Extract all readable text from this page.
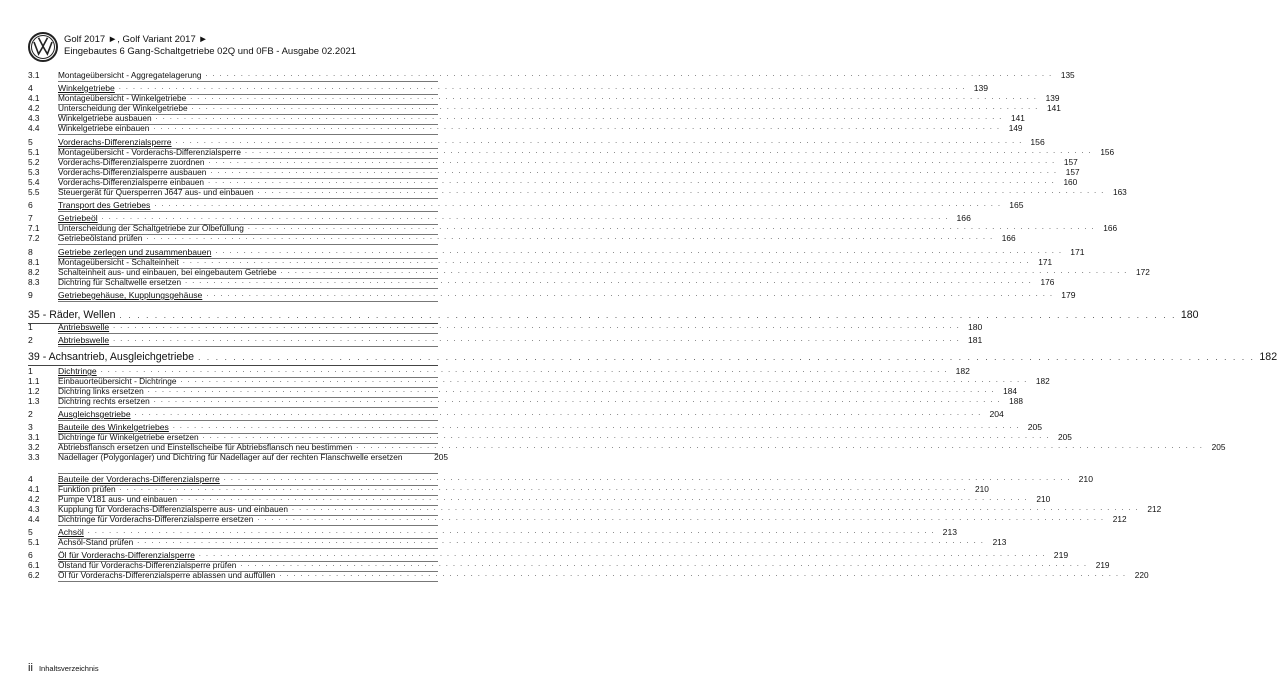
Golf 2017 ►, Golf Variant 2017 ►
Eingebautes 6 Gang-Schaltgetriebe 02Q und 0FB - Ausgabe 02.2021
3.1	Montageübersicht - Aggregatelagerung . . . . . . . . . . . . . . . . . . . . . . . . . . . . . . . . . . . . . . . . . . . . . . . . . . . . . . . . . . . . . . . . . . . . . . . . . . . . . . . . . . . . . . . . . . . . . . . . . . . . . . . . . . . . . . . . . . . . . . . . 135
4	Winkelgetriebe . . . . . . . . . . . . . . . . . . . . . . . . . . . . . . . . . . . . . . . . . . . . . . . . . . . . . . . . . . . . . . . . . . . . . . . . . . . . . . . . . . . . . . . . . . . . . . . . . . . . . . . . . . . . . . . . . . . . . . . . 139
4.1	Montageübersicht - Winkelgetriebe . . . . . . . . . . . . . . . . . . . . . . . . . . . . . . . . . . . . . . . . . . . . . . . . . . . . . . . . . . . . . . . . . . . . . . . . . . . . . . . . . . . . . . . . . . . . . . . . . . . . . . . . . . . . . . . . . . . . . . . . 139
4.2	Unterscheidung der Winkelgetriebe . . . . . . . . . . . . . . . . . . . . . . . . . . . . . . . . . . . . . . . . . . . . . . . . . . . . . . . . . . . . . . . . . . . . . . . . . . . . . . . . . . . . . . . . . . . . . . . . . . . . . . . . . . . . . . . . . . . . . . . . 141
4.3	Winkelgetriebe ausbauen . . . . . . . . . . . . . . . . . . . . . . . . . . . . . . . . . . . . . . . . . . . . . . . . . . . . . . . . . . . . . . . . . . . . . . . . . . . . . . . . . . . . . . . . . . . . . . . . . . . . . . . . . . . . . . . . . . . . . . . . 141
4.4	Winkelgetriebe einbauen . . . . . . . . . . . . . . . . . . . . . . . . . . . . . . . . . . . . . . . . . . . . . . . . . . . . . . . . . . . . . . . . . . . . . . . . . . . . . . . . . . . . . . . . . . . . . . . . . . . . . . . . . . . . . . . . . . . . . . . . 149
5	Vorderachs-Differenzialsperre . . . . . . . . . . . . . . . . . . . . . . . . . . . . . . . . . . . . . . . . . . . . . . . . . . . . . . . . . . . . . . . . . . . . . . . . . . . . . . . . . . . . . . . . . . . . . . . . . . . . . . . . . . . . . . . . . . . . . . . . 156
5.1	Montageübersicht - Vorderachs-Differenzialsperre . . . . . . . . . . . . . . . . . . . . . . . . . . . . . . . . . . . . . . . . . . . . . . . . . . . . . . . . . . . . . . . . . . . . . . . . . . . . . . . . . . . . . . . . . . . . . . . . . . . . . . . . . . . . . . . . . . . . . . . . 156
5.2	Vorderachs-Differenzialsperre zuordnen . . . . . . . . . . . . . . . . . . . . . . . . . . . . . . . . . . . . . . . . . . . . . . . . . . . . . . . . . . . . . . . . . . . . . . . . . . . . . . . . . . . . . . . . . . . . . . . . . . . . . . . . . . . . . . . . . . . . . . . . 157
5.3	Vorderachs-Differenzialsperre ausbauen . . . . . . . . . . . . . . . . . . . . . . . . . . . . . . . . . . . . . . . . . . . . . . . . . . . . . . . . . . . . . . . . . . . . . . . . . . . . . . . . . . . . . . . . . . . . . . . . . . . . . . . . . . . . . . . . . . . . . . . . 157
5.4	Vorderachs-Differenzialsperre einbauen . . . . . . . . . . . . . . . . . . . . . . . . . . . . . . . . . . . . . . . . . . . . . . . . . . . . . . . . . . . . . . . . . . . . . . . . . . . . . . . . . . . . . . . . . . . . . . . . . . . . . . . . . . . . . . . . . . . . . . . . 160
5.5	Steuergerät für Quersperren J647 aus- und einbauen . . . . . . . . . . . . . . . . . . . . . . . . . . . . . . . . . . . . . . . . . . . . . . . . . . . . . . . . . . . . . . . . . . . . . . . . . . . . . . . . . . . . . . . . . . . . . . . . . . . . . . . . . . . . . . . . . . . . . . . . 163
6	Transport des Getriebes . . . . . . . . . . . . . . . . . . . . . . . . . . . . . . . . . . . . . . . . . . . . . . . . . . . . . . . . . . . . . . . . . . . . . . . . . . . . . . . . . . . . . . . . . . . . . . . . . . . . . . . . . . . . . . . . . . . . . . . . 165
7	Getriebeöl . . . . . . . . . . . . . . . . . . . . . . . . . . . . . . . . . . . . . . . . . . . . . . . . . . . . . . . . . . . . . . . . . . . . . . . . . . . . . . . . . . . . . . . . . . . . . . . . . . . . . . . . . . . . . . . . . . . . . . . . 166
7.1	Unterscheidung der Schaltgetriebe zur Ölbefüllung . . . . . . . . . . . . . . . . . . . . . . . . . . . . . . . . . . . . . . . . . . . . . . . . . . . . . . . . . . . . . . . . . . . . . . . . . . . . . . . . . . . . . . . . . . . . . . . . . . . . . . . . . . . . . . . . . . . . . . . . 166
7.2	Getriebeölstand prüfen . . . . . . . . . . . . . . . . . . . . . . . . . . . . . . . . . . . . . . . . . . . . . . . . . . . . . . . . . . . . . . . . . . . . . . . . . . . . . . . . . . . . . . . . . . . . . . . . . . . . . . . . . . . . . . . . . . . . . . . . 166
8	Getriebe zerlegen und zusammenbauen . . . . . . . . . . . . . . . . . . . . . . . . . . . . . . . . . . . . . . . . . . . . . . . . . . . . . . . . . . . . . . . . . . . . . . . . . . . . . . . . . . . . . . . . . . . . . . . . . . . . . . . . . . . . . . . . . . . . . . . . 171
8.1	Montageübersicht - Schalteinheit . . . . . . . . . . . . . . . . . . . . . . . . . . . . . . . . . . . . . . . . . . . . . . . . . . . . . . . . . . . . . . . . . . . . . . . . . . . . . . . . . . . . . . . . . . . . . . . . . . . . . . . . . . . . . . . . . . . . . . . . 171
8.2	Schalteinheit aus- und einbauen, bei eingebautem Getriebe . . . . . . . . . . . . . . . . . . . . . . . . . . . . . . . . . . . . . . . . . . . . . . . . . . . . . . . . . . . . . . . . . . . . . . . . . . . . . . . . . . . . . . . . . . . . . . . . . . . . . . . . . . . . . . . . . . . . . . . . 172
8.3	Dichtring für Schaltwelle ersetzen . . . . . . . . . . . . . . . . . . . . . . . . . . . . . . . . . . . . . . . . . . . . . . . . . . . . . . . . . . . . . . . . . . . . . . . . . . . . . . . . . . . . . . . . . . . . . . . . . . . . . . . . . . . . . . . . . . . . . . . . 176
9	Getriebegehäuse, Kupplungsgehäuse . . . . . . . . . . . . . . . . . . . . . . . . . . . . . . . . . . . . . . . . . . . . . . . . . . . . . . . . . . . . . . . . . . . . . . . . . . . . . . . . . . . . . . . . . . . . . . . . . . . . . . . . . . . . . . . . . . . . . . . . 179
35 - Räder, Wellen . . . . . . . . . . . . . . . . . . . . . . . . . . . . . . . . . . . . . . . . . . . . . . . . . . . . . . . . . . . . . . . . . . . . . . . . . . . . . . . . . . . . . . . . . . . . . . . . . . . . . . . . . . . . . . . . . . . . . . . . 180
1	Antriebswelle . . . . . . . . . . . . . . . . . . . . . . . . . . . . . . . . . . . . . . . . . . . . . . . . . . . . . . . . . . . . . . . . . . . . . . . . . . . . . . . . . . . . . . . . . . . . . . . . . . . . . . . . . . . . . . . . . . . . . . . . 180
2	Abtriebswelle . . . . . . . . . . . . . . . . . . . . . . . . . . . . . . . . . . . . . . . . . . . . . . . . . . . . . . . . . . . . . . . . . . . . . . . . . . . . . . . . . . . . . . . . . . . . . . . . . . . . . . . . . . . . . . . . . . . . . . . . 181
39 - Achsantrieb, Ausgleichgetriebe . . . . . . . . . . . . . . . . . . . . . . . . . . . . . . . . . . . . . . . . . . . . . . . . . . . . . . . . . . . . . . . . . . . . . . . . . . . . . . . . . . . . . . . . . . . . . . . . . . . . . . . . . . . . . . . . . . . . . . . . 182
1	Dichtringe . . . . . . . . . . . . . . . . . . . . . . . . . . . . . . . . . . . . . . . . . . . . . . . . . . . . . . . . . . . . . . . . . . . . . . . . . . . . . . . . . . . . . . . . . . . . . . . . . . . . . . . . . . . . . . . . . . . . . . . . 182
1.1	Einbauorteübersicht - Dichtringe . . . . . . . . . . . . . . . . . . . . . . . . . . . . . . . . . . . . . . . . . . . . . . . . . . . . . . . . . . . . . . . . . . . . . . . . . . . . . . . . . . . . . . . . . . . . . . . . . . . . . . . . . . . . . . . . . . . . . . . . 182
1.2	Dichtring links ersetzen . . . . . . . . . . . . . . . . . . . . . . . . . . . . . . . . . . . . . . . . . . . . . . . . . . . . . . . . . . . . . . . . . . . . . . . . . . . . . . . . . . . . . . . . . . . . . . . . . . . . . . . . . . . . . . . . . . . . . . . . 184
1.3	Dichtring rechts ersetzen . . . . . . . . . . . . . . . . . . . . . . . . . . . . . . . . . . . . . . . . . . . . . . . . . . . . . . . . . . . . . . . . . . . . . . . . . . . . . . . . . . . . . . . . . . . . . . . . . . . . . . . . . . . . . . . . . . . . . . . . 188
2	Ausgleichsgetriebe . . . . . . . . . . . . . . . . . . . . . . . . . . . . . . . . . . . . . . . . . . . . . . . . . . . . . . . . . . . . . . . . . . . . . . . . . . . . . . . . . . . . . . . . . . . . . . . . . . . . . . . . . . . . . . . . . . . . . . . . 204
3	Bauteile des Winkelgetriebes . . . . . . . . . . . . . . . . . . . . . . . . . . . . . . . . . . . . . . . . . . . . . . . . . . . . . . . . . . . . . . . . . . . . . . . . . . . . . . . . . . . . . . . . . . . . . . . . . . . . . . . . . . . . . . . . . . . . . . . . 205
3.1	Dichtringe für Winkelgetriebe ersetzen . . . . . . . . . . . . . . . . . . . . . . . . . . . . . . . . . . . . . . . . . . . . . . . . . . . . . . . . . . . . . . . . . . . . . . . . . . . . . . . . . . . . . . . . . . . . . . . . . . . . . . . . . . . . . . . . . . . . . . . . 205
3.2	Abtriebsflansch ersetzen und Einstellscheibe für Abtriebsflansch neu bestimmen . . . . . . . . . . . . . . . . . . . . . . . . . . . . . . . . . . . . . . . . . . . . . . . . . . . . . . . . . . . . . . . . . . . . . . . . . . . . . . . . . . . . . . . . . . . . . . . . . . . . . . . . . . . . . . . . . . . . . . . . 205
3.3	Nadellager (Polygonlager) und Dichtring für Nadellager auf der rechten Flanschwelle ersetzen	205
4	Bauteile der Vorderachs-Differenzialsperre . . . . . . . . . . . . . . . . . . . . . . . . . . . . . . . . . . . . . . . . . . . . . . . . . . . . . . . . . . . . . . . . . . . . . . . . . . . . . . . . . . . . . . . . . . . . . . . . . . . . . . . . . . . . . . . . . . . . . . . . 210
4.1	Funktion prüfen . . . . . . . . . . . . . . . . . . . . . . . . . . . . . . . . . . . . . . . . . . . . . . . . . . . . . . . . . . . . . . . . . . . . . . . . . . . . . . . . . . . . . . . . . . . . . . . . . . . . . . . . . . . . . . . . . . . . . . . . 210
4.2	Pumpe V181 aus- und einbauen . . . . . . . . . . . . . . . . . . . . . . . . . . . . . . . . . . . . . . . . . . . . . . . . . . . . . . . . . . . . . . . . . . . . . . . . . . . . . . . . . . . . . . . . . . . . . . . . . . . . . . . . . . . . . . . . . . . . . . . . 210
4.3	Kupplung für Vorderachs-Differenzialsperre aus- und einbauen . . . . . . . . . . . . . . . . . . . . . . . . . . . . . . . . . . . . . . . . . . . . . . . . . . . . . . . . . . . . . . . . . . . . . . . . . . . . . . . . . . . . . . . . . . . . . . . . . . . . . . . . . . . . . . . . . . . . . . . . 212
4.4	Dichtringe für Vorderachs-Differenzialsperre ersetzen . . . . . . . . . . . . . . . . . . . . . . . . . . . . . . . . . . . . . . . . . . . . . . . . . . . . . . . . . . . . . . . . . . . . . . . . . . . . . . . . . . . . . . . . . . . . . . . . . . . . . . . . . . . . . . . . . . . . . . . . 212
5	Achsöl . . . . . . . . . . . . . . . . . . . . . . . . . . . . . . . . . . . . . . . . . . . . . . . . . . . . . . . . . . . . . . . . . . . . . . . . . . . . . . . . . . . . . . . . . . . . . . . . . . . . . . . . . . . . . . . . . . . . . . . . 213
5.1	Achsöl-Stand prüfen . . . . . . . . . . . . . . . . . . . . . . . . . . . . . . . . . . . . . . . . . . . . . . . . . . . . . . . . . . . . . . . . . . . . . . . . . . . . . . . . . . . . . . . . . . . . . . . . . . . . . . . . . . . . . . . . . . . . . . . . 213
6	Öl für Vorderachs-Differenzialsperre . . . . . . . . . . . . . . . . . . . . . . . . . . . . . . . . . . . . . . . . . . . . . . . . . . . . . . . . . . . . . . . . . . . . . . . . . . . . . . . . . . . . . . . . . . . . . . . . . . . . . . . . . . . . . . . . . . . . . . . . 219
6.1	Ölstand für Vorderachs-Differenzialsperre prüfen . . . . . . . . . . . . . . . . . . . . . . . . . . . . . . . . . . . . . . . . . . . . . . . . . . . . . . . . . . . . . . . . . . . . . . . . . . . . . . . . . . . . . . . . . . . . . . . . . . . . . . . . . . . . . . . . . . . . . . . . 219
6.2	Öl für Vorderachs-Differenzialsperre ablassen und auffüllen . . . . . . . . . . . . . . . . . . . . . . . . . . . . . . . . . . . . . . . . . . . . . . . . . . . . . . . . . . . . . . . . . . . . . . . . . . . . . . . . . . . . . . . . . . . . . . . . . . . . . . . . . . . . . . . . . . . . . . . . 220
ii Inhaltsverzeichnis
